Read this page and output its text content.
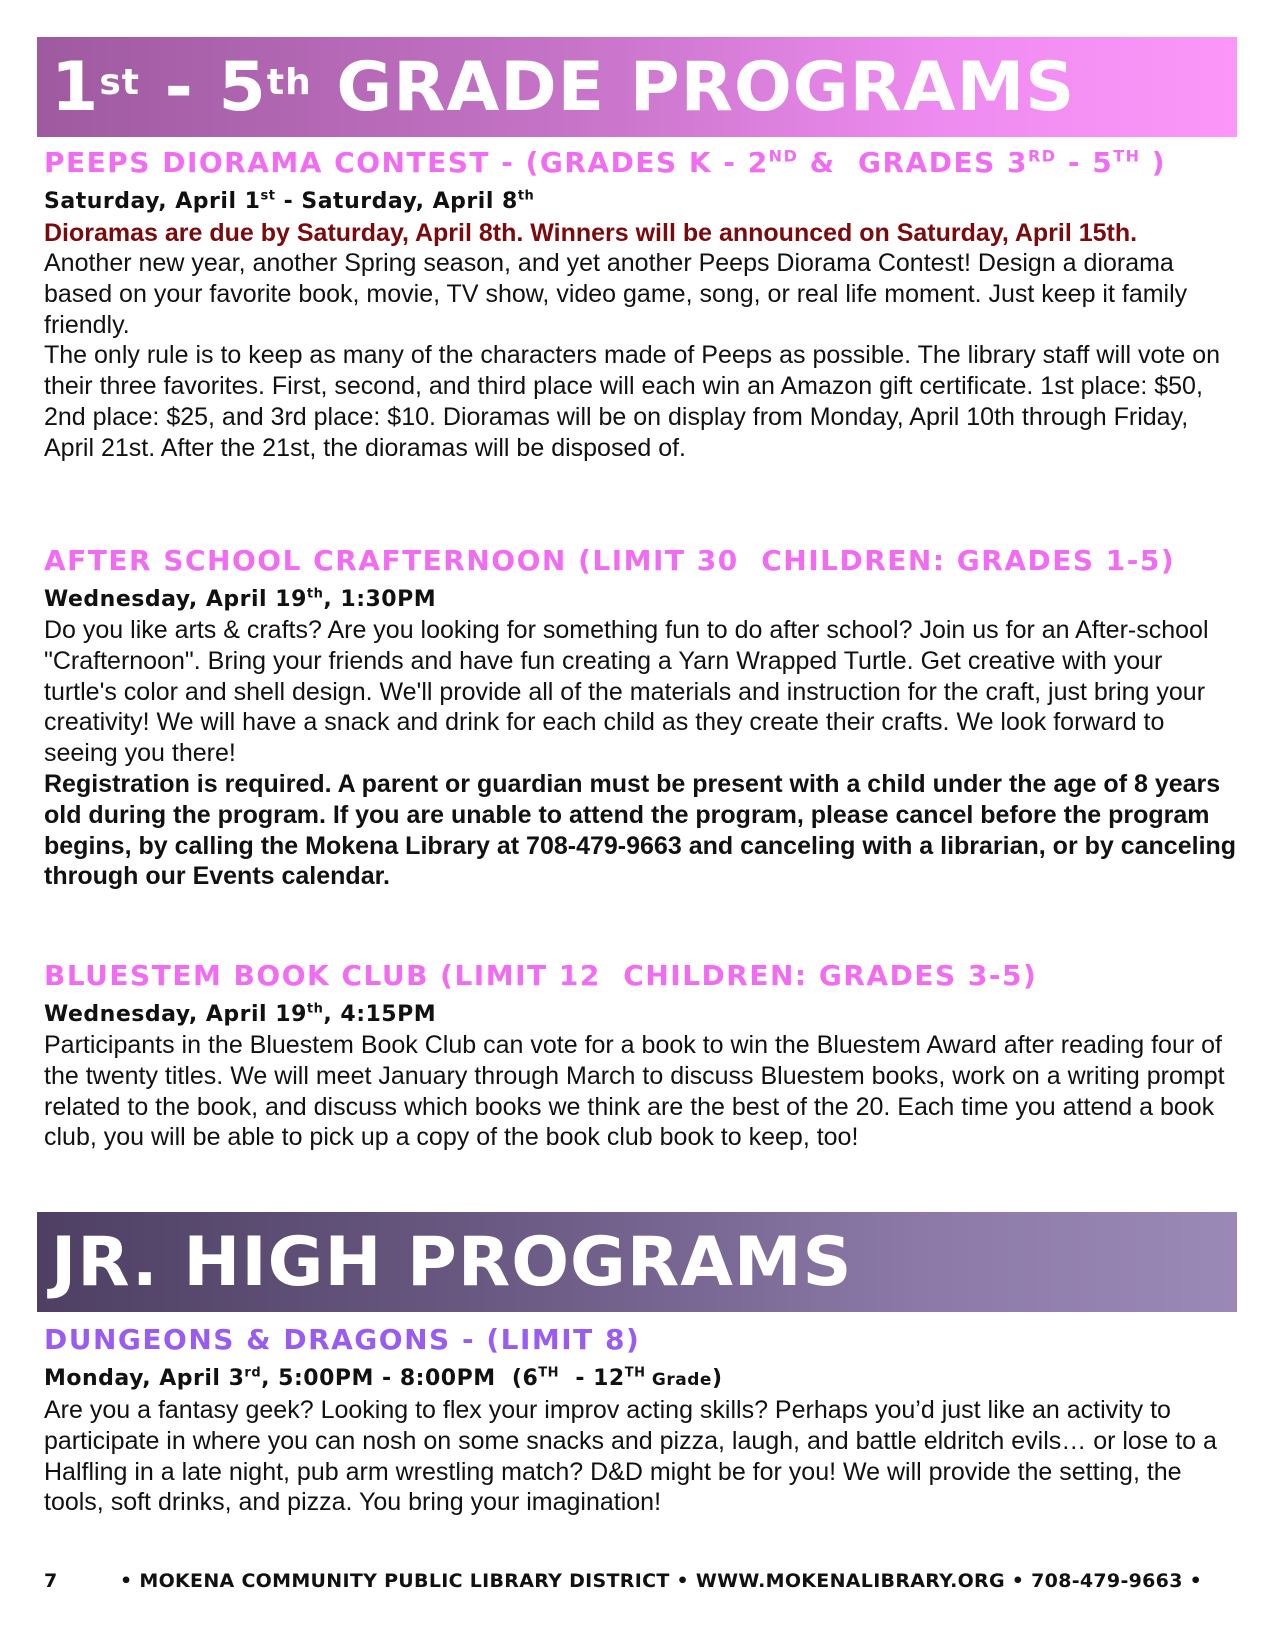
1st - 5th GRADE PROGRAMS
PEEPS DIORAMA CONTEST - (GRADES K - 2ND &  GRADES 3RD - 5TH )
Saturday, April 1st - Saturday, April 8th
Dioramas are due by Saturday, April 8th. Winners will be announced on Saturday, April 15th.
Another new year, another Spring season, and yet another Peeps Diorama Contest! Design a diorama based on your favorite book, movie, TV show, video game, song, or real life moment. Just keep it family friendly.
The only rule is to keep as many of the characters made of Peeps as possible. The library staff will vote on their three favorites. First, second, and third place will each win an Amazon gift certificate. 1st place: $50, 2nd place: $25, and 3rd place: $10. Dioramas will be on display from Monday, April 10th through Friday, April 21st. After the 21st, the dioramas will be disposed of.
AFTER SCHOOL CRAFTERNOON (LIMIT 30  CHILDREN: GRADES 1-5)
Wednesday, April 19th, 1:30PM
Do you like arts & crafts? Are you looking for something fun to do after school? Join us for an After-school "Crafternoon". Bring your friends and have fun creating a Yarn Wrapped Turtle. Get creative with your turtle's color and shell design. We'll provide all of the materials and instruction for the craft, just bring your creativity! We will have a snack and drink for each child as they create their crafts. We look forward to seeing you there!
Registration is required. A parent or guardian must be present with a child under the age of 8 years old during the program. If you are unable to attend the program, please cancel before the program begins, by calling the Mokena Library at 708-479-9663 and canceling with a librarian, or by canceling through our Events calendar.
BLUESTEM BOOK CLUB (LIMIT 12  CHILDREN: GRADES 3-5)
Wednesday, April 19th, 4:15PM
Participants in the Bluestem Book Club can vote for a book to win the Bluestem Award after reading four of the twenty titles. We will meet January through March to discuss Bluestem books, work on a writing prompt related to the book, and discuss which books we think are the best of the 20. Each time you attend a book club, you will be able to pick up a copy of the book club book to keep, too!
JR. HIGH PROGRAMS
DUNGEONS & DRAGONS - (LIMIT 8)
Monday, April 3rd, 5:00PM - 8:00PM  (6TH  - 12TH Grade)
Are you a fantasy geek? Looking to flex your improv acting skills? Perhaps you’d just like an activity to participate in where you can nosh on some snacks and pizza, laugh, and battle eldritch evils… or lose to a Halfling in a late night, pub arm wrestling match? D&D might be for you! We will provide the setting, the tools, soft drinks, and pizza. You bring your imagination!
7	• MOKENA COMMUNITY PUBLIC LIBRARY DISTRICT • WWW.MOKENALIBRARY.ORG • 708-479-9663 •
